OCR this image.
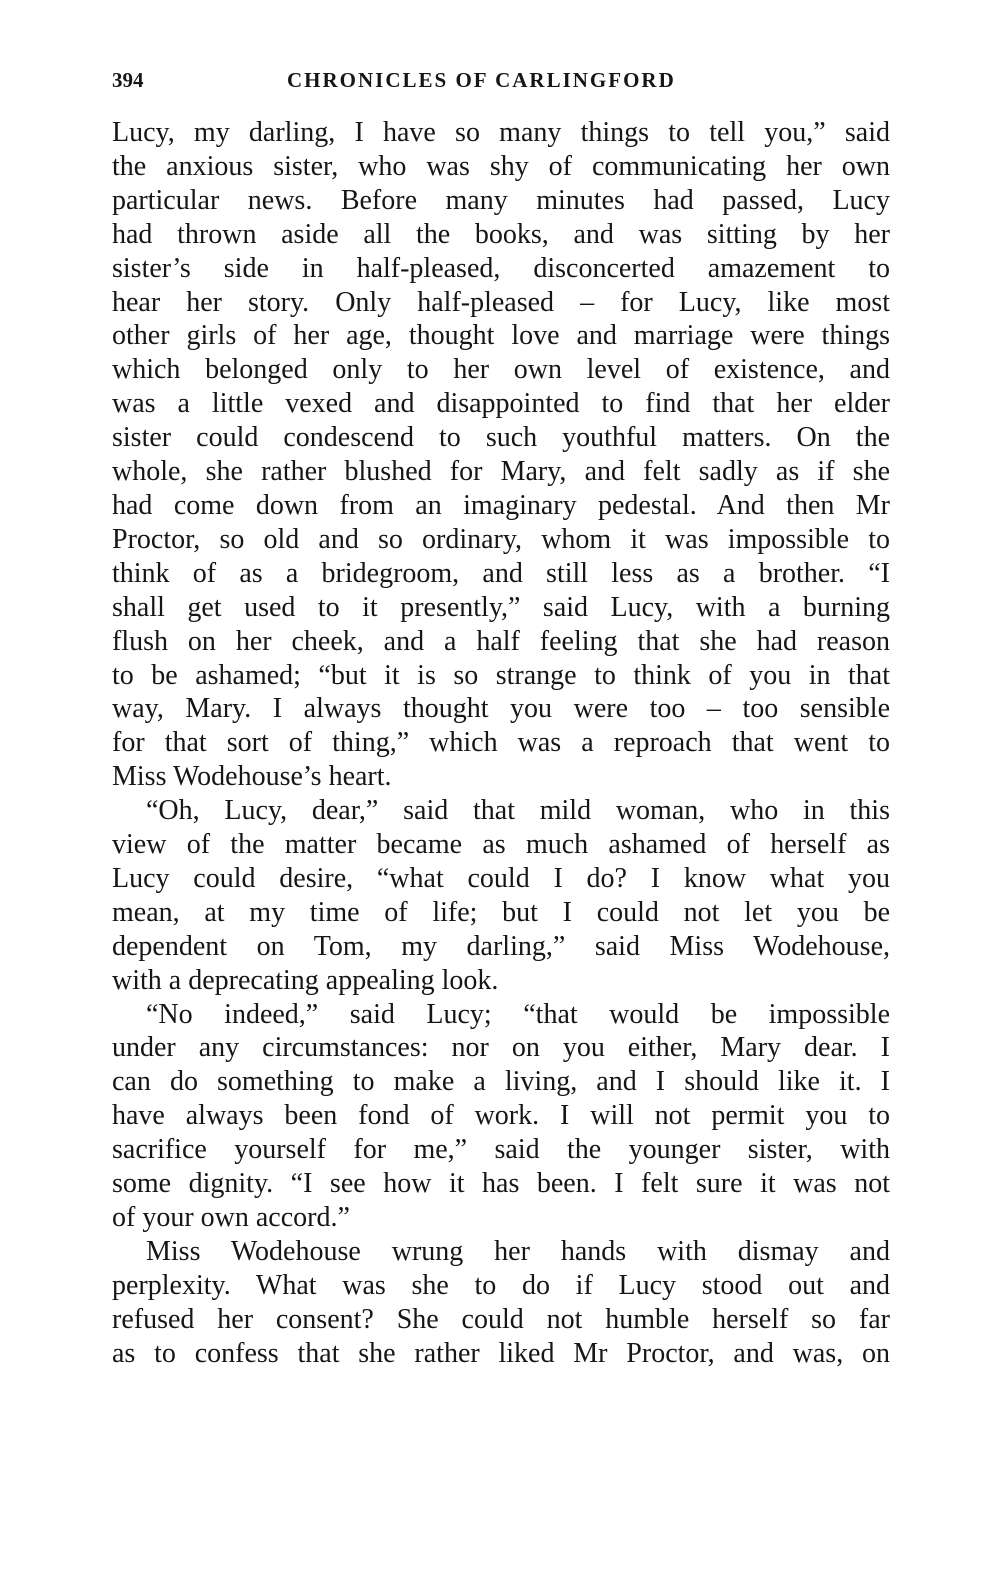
394	CHRONICLES OF CARLINGFORD
Lucy, my darling, I have so many things to tell you,” said
the anxious sister, who was shy of communicating her own
particular news. Before many minutes had passed, Lucy
had thrown aside all the books, and was sitting by her
sister’s side in half-pleased, disconcerted amazement to
hear her story. Only half-pleased – for Lucy, like most
other girls of her age, thought love and marriage were things
which belonged only to her own level of existence, and
was a little vexed and disappointed to find that her elder
sister could condescend to such youthful matters. On the
whole, she rather blushed for Mary, and felt sadly as if she
had come down from an imaginary pedestal. And then Mr
Proctor, so old and so ordinary, whom it was impossible to
think of as a bridegroom, and still less as a brother. “I
shall get used to it presently,” said Lucy, with a burning
flush on her cheek, and a half feeling that she had reason
to be ashamed; “but it is so strange to think of you in that
way, Mary. I always thought you were too – too sensible
for that sort of thing,” which was a reproach that went to
Miss Wodehouse’s heart.
“Oh, Lucy, dear,” said that mild woman, who in this
view of the matter became as much ashamed of herself as
Lucy could desire, “what could I do? I know what you
mean, at my time of life; but I could not let you be
dependent on Tom, my darling,” said Miss Wodehouse,
with a deprecating appealing look.
“No indeed,” said Lucy; “that would be impossible
under any circumstances: nor on you either, Mary dear. I
can do something to make a living, and I should like it. I
have always been fond of work. I will not permit you to
sacrifice yourself for me,” said the younger sister, with
some dignity. “I see how it has been. I felt sure it was not
of your own accord.”
Miss Wodehouse wrung her hands with dismay and
perplexity. What was she to do if Lucy stood out and
refused her consent? She could not humble herself so far
as to confess that she rather liked Mr Proctor, and was, on
